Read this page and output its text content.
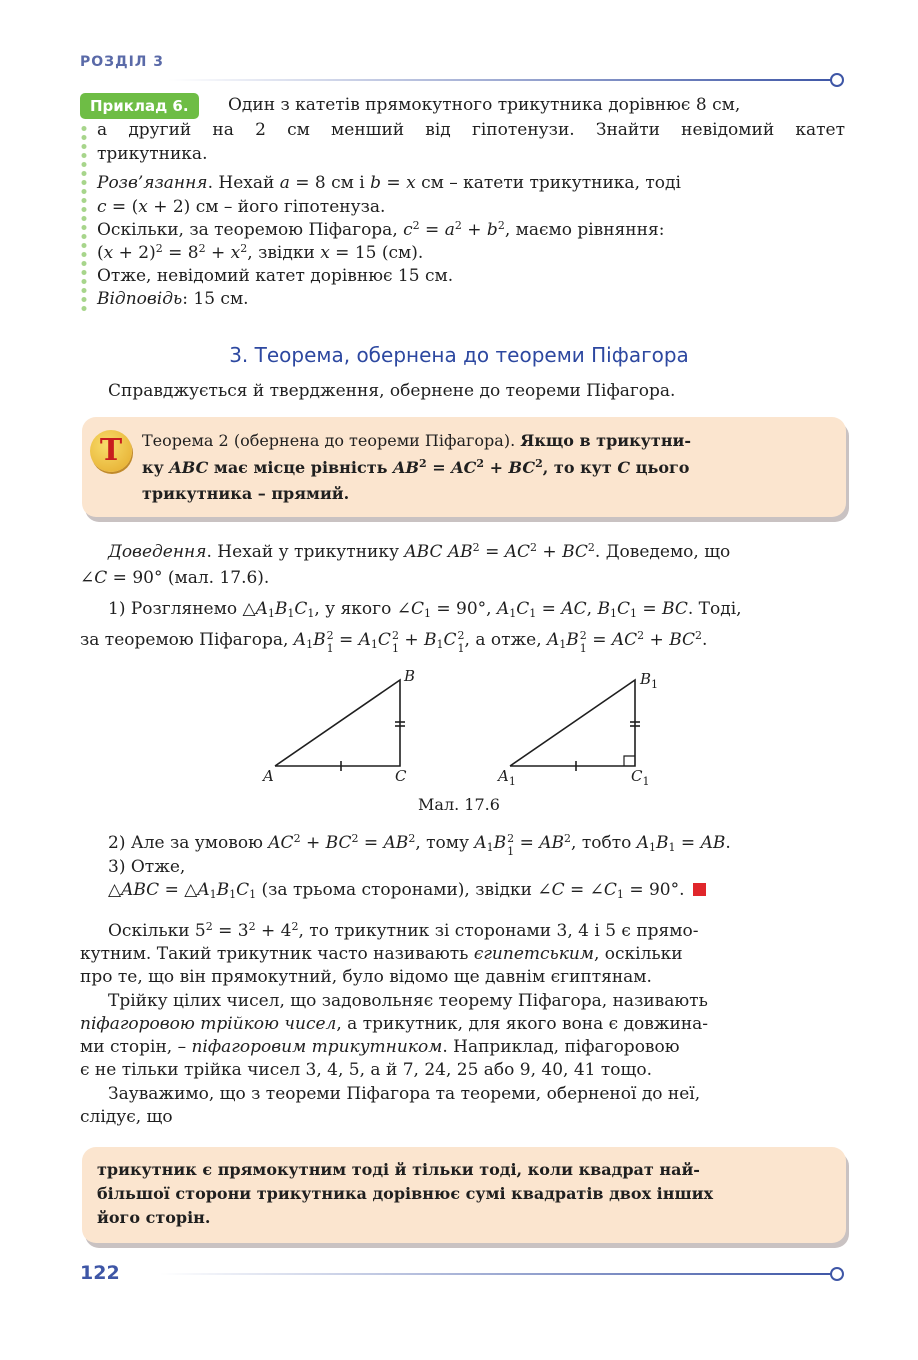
РОЗДІЛ 3
Приклад 6.	Один з катетів прямокутного трикутника дорівнює 8 см,
а другий на 2 см менший від гіпотенузи. Знайти невідомий катет
трикутника.
Розв’язання. Нехай a = 8 см і b = x см – катети трикутника, тоді
c = (x + 2) см – його гіпотенуза.
Оскільки, за теоремою Піфагора, $c^2 = a^2 + b^2$, маємо рівняння:
$(x + 2)^2 = 8^2 + x^2$, звідки x = 15 (см).
Отже, невідомий катет дорівнює 15 см.
Відповідь: 15 см.
3. Теорема, обернена до теореми Піфагора
Справджується й твердження, обернене до теореми Піфагора.
T	Теорема 2 (обернена до теореми Піфагора). Якщо в трикутни-
ку ABC має місце рівність $AB^2 = AC^2 + BC^2$, то кут C цього
трикутника – прямий.
Доведення. Нехай у трикутнику ABC $AB^2 = AC^2 + BC^2$. Доведемо, що
∠C = 90° (мал. 17.6).
1) Розглянемо $\triangle A_1B_1C_1$, у якого $\angle C_1 = 90^\circ$, $A_1C_1$ = AC, $B_1C_1$ = BC. Тоді,
за теоремою Піфагора, $A_1B$ 2
$1 = A_1C$ 2
$1 + B_1C$ 2
1 , а отже, $A_1B$ 2
$1 = AC^2 + BC^2$.
A
B
C	$A_1$
$B_1$
$C_1$
Мал. 17.6
2) Але за умовою $AC^2 + BC^2 = AB^2$, тому $A_1B$ 2
$1 = AB^2$, тобто $A_1B_1$ = AB.
3) Отже,
△ABC = $\triangle A_1B_1C_1$ (за трьома сторонами), звідки ∠C = $\angle C_1 = 90^\circ$.
Оскільки $5^2 = 3^2 + 4^2$, то трикутник зі сторонами 3, 4 і 5 є прямо-
кутним. Такий трикутник часто називають єгипетським, оскільки
про те, що він прямокутний, було відомо ще давнім єгиптянам.
Трійку цілих чисел, що задовольняє теорему Піфагора, називають
піфагоровою трійкою чисел, а трикутник, для якого вона є довжина-
ми сторін, – піфагоровим трикутником. Наприклад, піфагоровою
є не тільки трійка чисел 3, 4, 5, а й 7, 24, 25 або 9, 40, 41 тощо.
Зауважимо, що з теореми Піфагора та теореми, оберненої до неї,
слідує, що
трикутник є прямокутним тоді й тільки тоді, коли квадрат най-
більшої сторони трикутника дорівнює сумі квадратів двох інших
його сторін.
122
